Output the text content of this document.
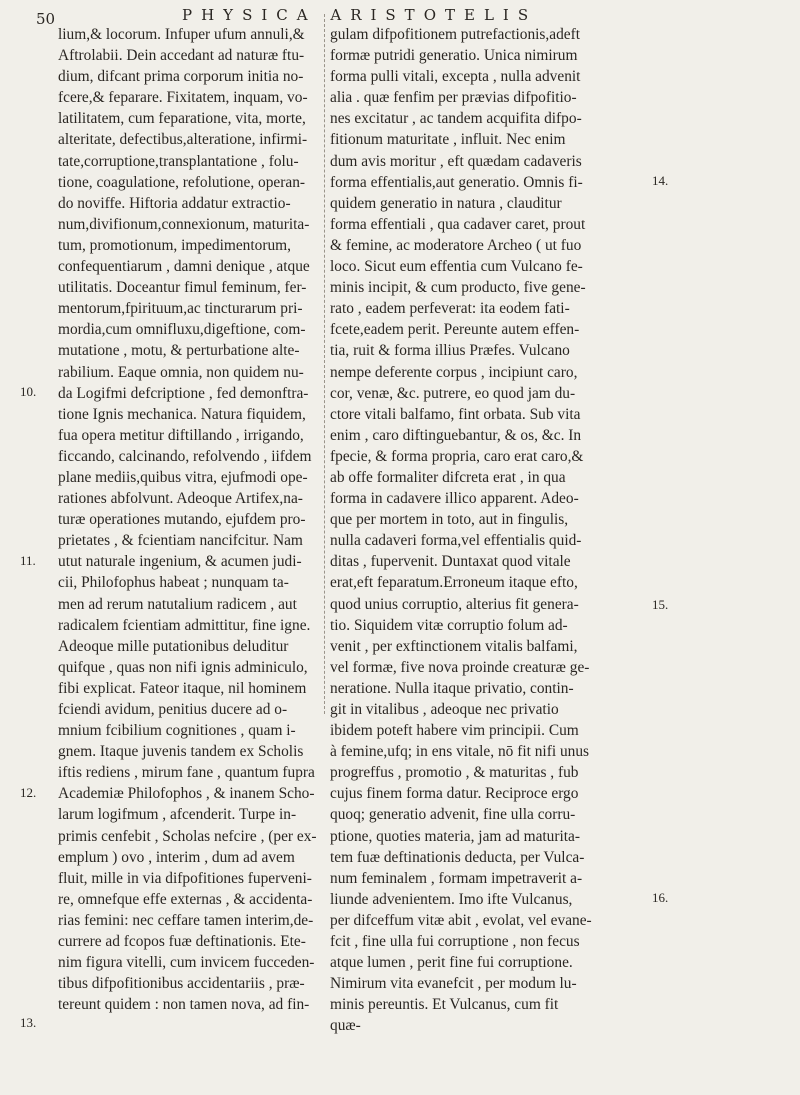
50	PHYSICA ARISTOTELIS
lium,& locorum. Infuper ufum annuli,&
Aftrolabii. Dein accedant ad naturæ ftu-
dium, difcant prima corporum initia no-
fcere,& feparare. Fixitatem, inquam, vo-
latilitatem, cum feparatione, vita, morte,
alteritate, defectibus,alteratione, infirmi-
tate,corruptione,transplantatione , folu-
tione, coagulatione, refolutione, operan-
do noviffe. Hiftoria addatur extractio-
num,divifionum,connexionum, maturita-
tum, promotionum, impedimentorum,
confequentiarum , damni denique , atque
utilitatis. Doceantur fimul feminum, fer-
mentorum,fpirituum,ac tincturarum pri-
mordia,cum omnifluxu,digeftione, com-
mutatione , motu, & perturbatione alte-
rabilium. Eaque omnia, non quidem nu-
da Logifmi defcriptione , fed demonftra-
tione Ignis mechanica. Natura fiquidem,
fua opera metitur diftillando , irrigando,
ficcando, calcinando, refolvendo , iifdem
plane mediis,quibus vitra, ejufmodi ope-
rationes abfolvunt. Adeoque Artifex,na-
turæ operationes mutando, ejufdem pro-
prietates , & fcientiam nancifcitur. Nam
utut naturale ingenium, & acumen judi-
cii, Philofophus habeat ; nunquam ta-
men ad rerum natutalium radicem , aut
radicalem fcientiam admittitur, fine igne.
Adeoque mille putationibus deluditur
quifque , quas non nifi ignis adminiculo,
fibi explicat. Fateor itaque, nil hominem
fciendi avidum, penitius ducere ad o-
mnium fcibilium cognitiones , quam i-
gnem. Itaque juvenis tandem ex Scholis
iftis rediens , mirum fane , quantum fupra
Academiæ Philofophos , & inanem Scho-
larum logifmum , afcenderit. Turpe in-
primis cenfebit , Scholas nefcire , (per ex-
emplum ) ovo , interim , dum ad avem
fluit, mille in via difpofitiones fuperveni-
re, omnefque effe externas , & accidenta-
rias femini: nec ceffare tamen interim,de-
currere ad fcopos fuæ deftinationis. Ete-
nim figura vitelli, cum invicem fucceden-
tibus difpofitionibus accidentariis , præ-
tereunt quidem : non tamen nova, ad fin-
gulam difpofitionem putrefactionis,adeft
formæ putridi generatio. Unica nimirum
forma pulli vitali, excepta , nulla advenit
alia . quæ fenfim per prævias difpofitio-
nes excitatur , ac tandem acquifita difpo-
fitionum maturitate , influit. Nec enim
dum avis moritur , eft quædam cadaveris
forma effentialis,aut generatio. Omnis fi-
quidem generatio in natura , clauditur
forma effentiali , qua cadaver caret, prout
& femine, ac moderatore Archeo ( ut fuo
loco. Sicut eum effentia cum Vulcano fe-
minis incipit, & cum producto, five gene-
rato , eadem perfeverat: ita eodem fati-
fcete,eadem perit. Pereunte autem effen-
tia, ruit & forma illius Præfes. Vulcano
nempe deferente corpus , incipiunt caro,
cor, venæ, &c. putrere, eo quod jam du-
ctore vitali balfamo, fint orbata. Sub vita
enim , caro diftinguebantur, & os, &c. In
fpecie, & forma propria, caro erat caro,&
ab offe formaliter difcreta erat , in qua
forma in cadavere illico apparent. Adeo-
que per mortem in toto, aut in fingulis,
nulla cadaveri forma,vel effentialis quid-
ditas , fupervenit. Duntaxat quod vitale
erat,eft feparatum.Erroneum itaque efto,
quod unius corruptio, alterius fit genera-
tio. Siquidem vitæ corruptio folum ad-
venit , per exftinctionem vitalis balfami,
vel formæ, five nova proinde creaturæ ge-
neratione. Nulla itaque privatio, contin-
git in vitalibus , adeoque nec privatio
ibidem poteft habere vim principii. Cum
à femine,ufq; in ens vitale, nō fit nifi unus
progreffus , promotio , & maturitas , fub
cujus finem forma datur. Reciproce ergo
quoq; generatio advenit, fine ulla corru-
ptione, quoties materia, jam ad maturita-
tem fuæ deftinationis deducta, per Vulca-
num feminalem , formam impetraverit a-
liunde advenientem. Imo ifte Vulcanus,
per difceffum vitæ abit , evolat, vel evane-
fcit , fine ulla fui corruptione , non fecus
atque lumen , perit fine fui corruptione.
Nimirum vita evanefcit , per modum lu-
minis pereuntis. Et Vulcanus, cum fit
quæ-
10.
11.
12.
13.
14.
15.
16.
